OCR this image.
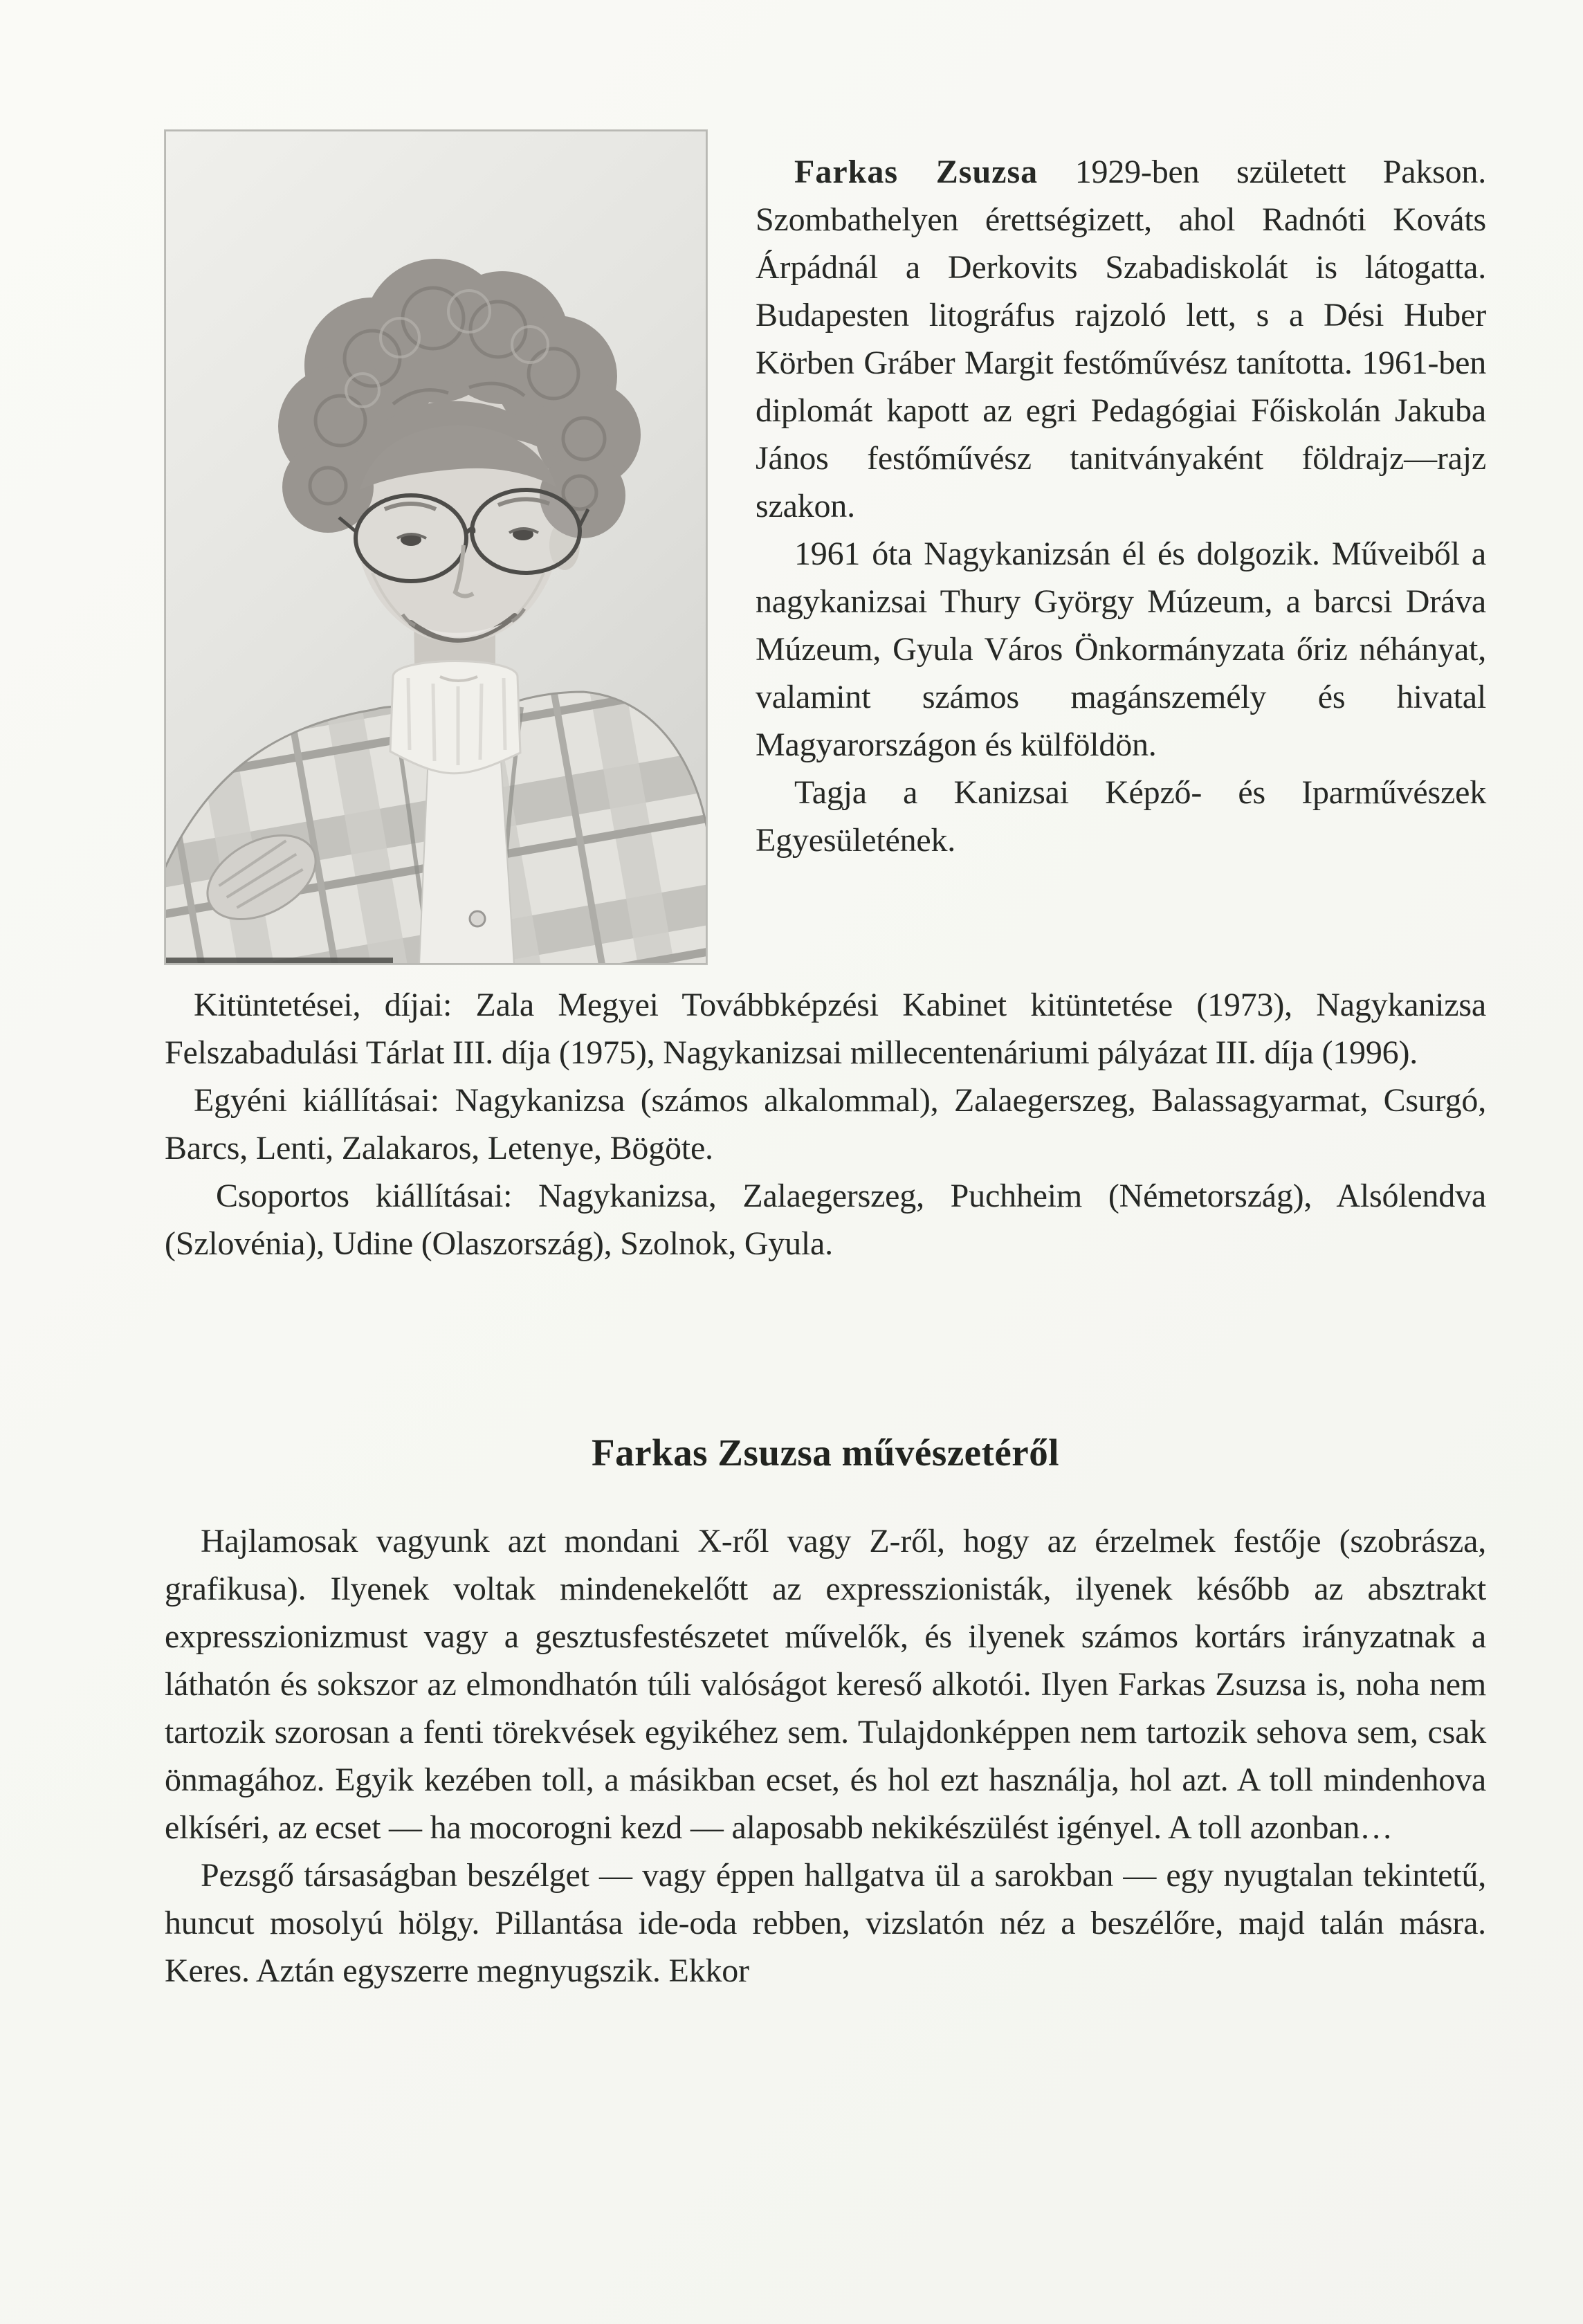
Farkas Zsuzsa 1929-ben született Pakson. Szombathelyen érettségizett, ahol Radnóti Kováts Árpádnál a Derkovits Szabadiskolát is látogatta. Budapesten litográfus rajzoló lett, s a Dési Huber Körben Gráber Margit festőművész tanította. 1961-ben diplomát kapott az egri Pedagógiai Főiskolán Jakuba János festőművész tanitványaként földrajz—rajz szakon.

1961 óta Nagykanizsán él és dolgozik. Műveiből a nagykanizsai Thury György Múzeum, a barcsi Dráva Múzeum, Gyula Város Önkormányzata őriz néhányat, valamint számos magánszemély és hivatal Magyarországon és külföldön.

Tagja a Kanizsai Képző- és Iparművészek Egyesületének.

Kitüntetései, díjai: Zala Megyei Továbbképzési Kabinet kitüntetése (1973), Nagykanizsa Felszabadulási Tárlat III. díja (1975), Nagykanizsai millecentenáriumi pályázat III. díja (1996).

Egyéni kiállításai: Nagykanizsa (számos alkalommal), Zalaegerszeg, Balassagyarmat, Csurgó, Barcs, Lenti, Zalakaros, Letenye, Bögöte.

Csoportos kiállításai: Nagykanizsa, Zalaegerszeg, Puchheim (Németország), Alsólendva (Szlovénia), Udine (Olaszország), Szolnok, Gyula.

Farkas Zsuzsa művészetéről

Hajlamosak vagyunk azt mondani X-ről vagy Z-ről, hogy az érzelmek festője (szobrásza, grafikusa). Ilyenek voltak mindenekelőtt az expresszionisták, ilyenek később az absztrakt expresszionizmust vagy a gesztusfestészetet művelők, és ilyenek számos kortárs irányzatnak a láthatón és sokszor az elmondhatón túli valóságot kereső alkotói. Ilyen Farkas Zsuzsa is, noha nem tartozik szorosan a fenti törekvések egyikéhez sem. Tulajdonképpen nem tartozik sehova sem, csak önmagához. Egyik kezében toll, a másikban ecset, és hol ezt használja, hol azt. A toll mindenhova elkíséri, az ecset — ha mocorogni kezd — alaposabb nekikészülést igényel. A toll azonban…

Pezsgő társaságban beszélget — vagy éppen hallgatva ül a sarokban — egy nyugtalan tekintetű, huncut mosolyú hölgy. Pillantása ide-oda rebben, vizslatón néz a beszélőre, majd talán másra. Keres. Aztán egyszerre megnyugszik. Ekkor
